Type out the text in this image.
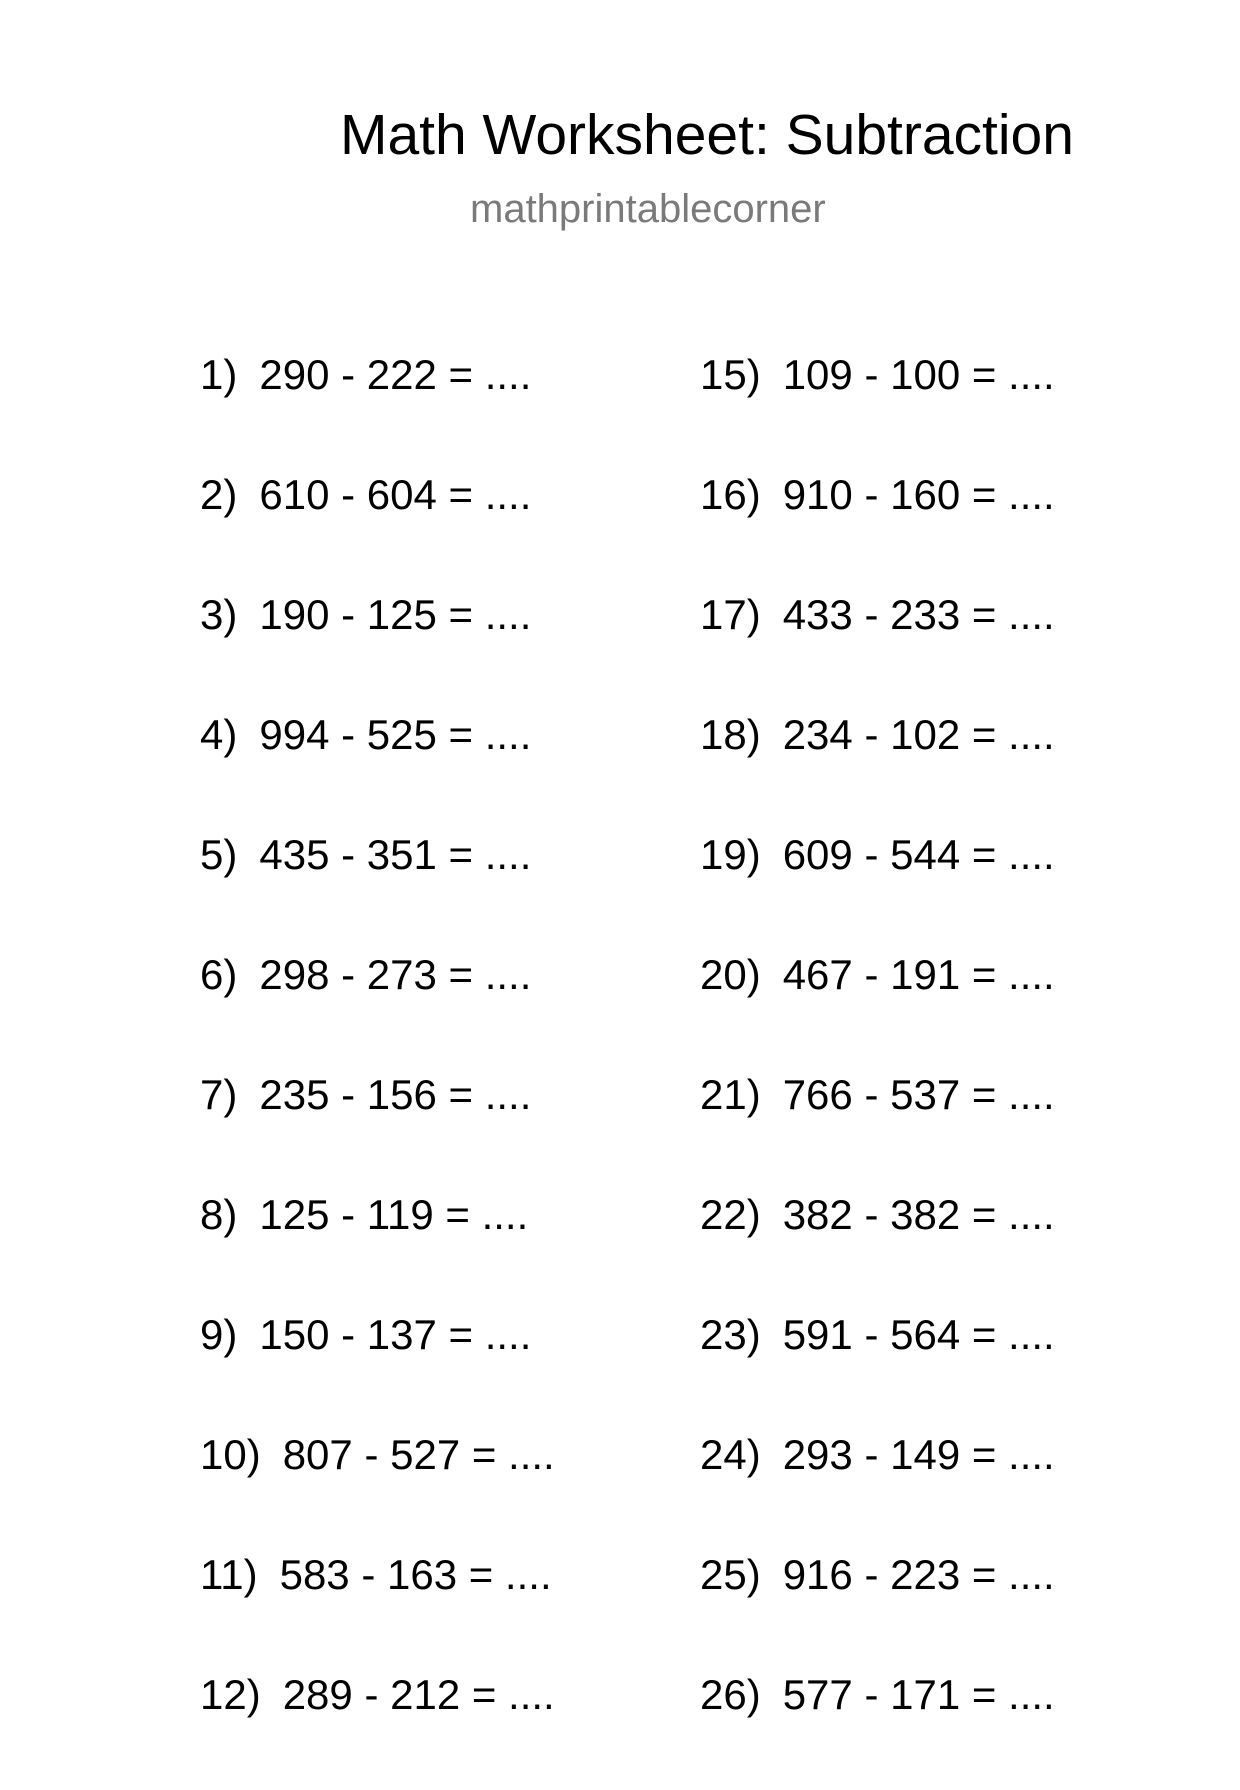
Math Worksheet: Subtraction
mathprintablecorner
1) 290 - 222 = ....
2) 610 - 604 = ....
3) 190 - 125 = ....
4) 994 - 525 = ....
5) 435 - 351 = ....
6) 298 - 273 = ....
7) 235 - 156 = ....
8) 125 - 119 = ....
9) 150 - 137 = ....
10) 807 - 527 = ....
11) 583 - 163 = ....
12) 289 - 212 = ....
15) 109 - 100 = ....
16) 910 - 160 = ....
17) 433 - 233 = ....
18) 234 - 102 = ....
19) 609 - 544 = ....
20) 467 - 191 = ....
21) 766 - 537 = ....
22) 382 - 382 = ....
23) 591 - 564 = ....
24) 293 - 149 = ....
25) 916 - 223 = ....
26) 577 - 171 = ....
